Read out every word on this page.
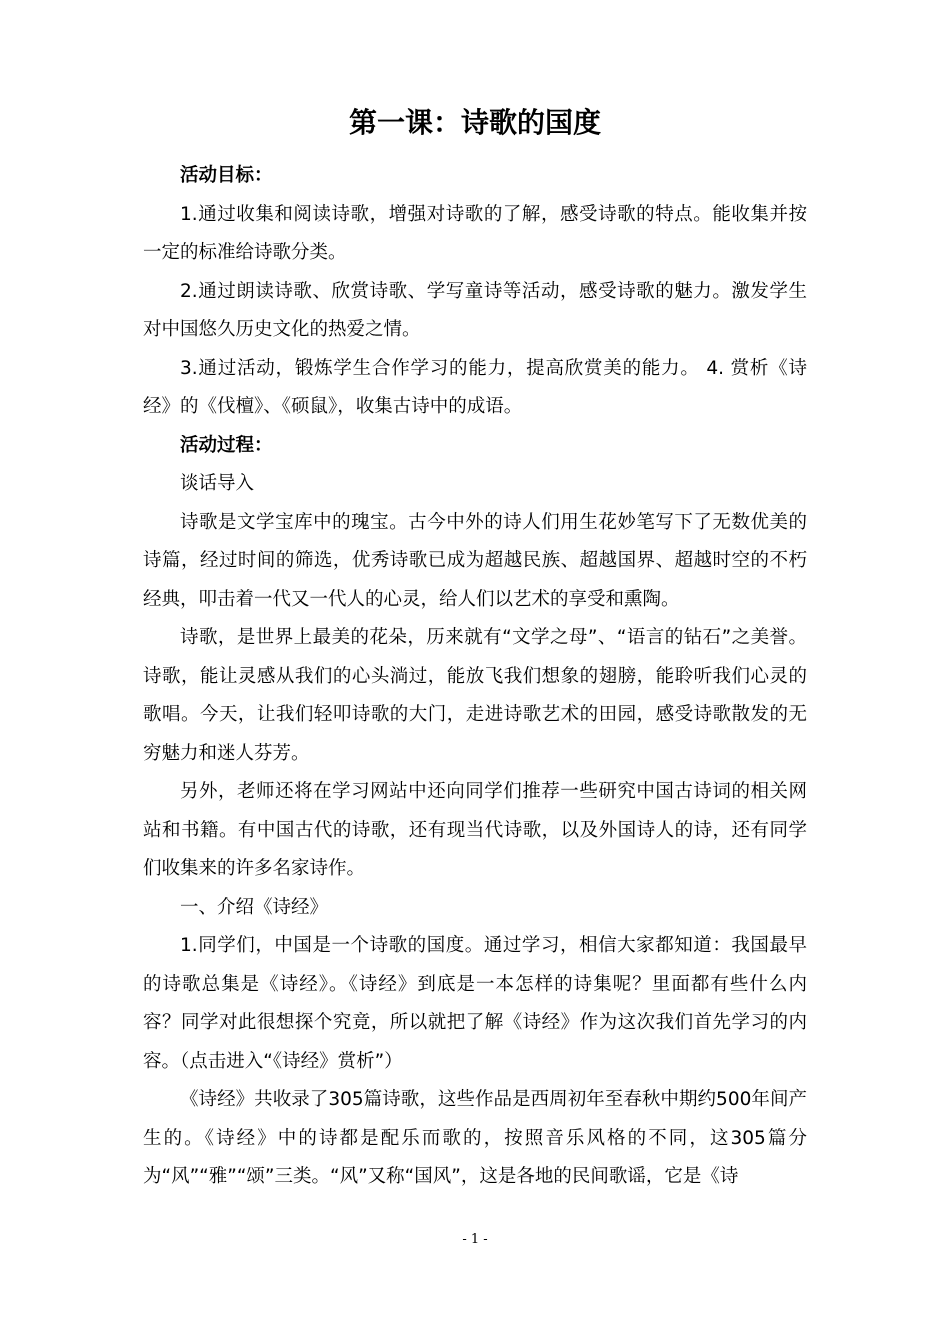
第一课：诗歌的国度

活动目标：

1.通过收集和阅读诗歌，增强对诗歌的了解，感受诗歌的特点。能收集并按一定的标准给诗歌分类。

2.通过朗读诗歌、欣赏诗歌、学写童诗等活动，感受诗歌的魅力。激发学生对中国悠久历史文化的热爱之情。

3.通过活动，锻炼学生合作学习的能力，提高欣赏美的能力。 4. 赏析《诗经》的《伐檀》、《硕鼠》，收集古诗中的成语。

活动过程：

谈话导入

诗歌是文学宝库中的瑰宝。古今中外的诗人们用生花妙笔写下了无数优美的诗篇，经过时间的筛选，优秀诗歌已成为超越民族、超越国界、超越时空的不朽经典，叩击着一代又一代人的心灵，给人们以艺术的享受和熏陶。

诗歌，是世界上最美的花朵，历来就有“文学之母”、“语言的钻石”之美誉。诗歌，能让灵感从我们的心头淌过，能放飞我们想象的翅膀，能聆听我们心灵的歌唱。今天，让我们轻叩诗歌的大门，走进诗歌艺术的田园，感受诗歌散发的无穷魅力和迷人芬芳。

另外，老师还将在学习网站中还向同学们推荐一些研究中国古诗词的相关网站和书籍。有中国古代的诗歌，还有现当代诗歌，以及外国诗人的诗，还有同学们收集来的许多名家诗作。

一、介绍《诗经》

1.同学们，中国是一个诗歌的国度。通过学习，相信大家都知道：我国最早的诗歌总集是《诗经》。《诗经》到底是一本怎样的诗集呢？里面都有些什么内容？同学对此很想探个究竟，所以就把了解《诗经》作为这次我们首先学习的内容。（点击进入“《诗经》赏析”）

《诗经》共收录了305篇诗歌，这些作品是西周初年至春秋中期约500年间产生的。《诗经》中的诗都是配乐而歌的，按照音乐风格的不同，这305篇分为“风”“雅”“颂”三类。“风”又称“国风”，这是各地的民间歌谣，它是《诗

- 1 -
